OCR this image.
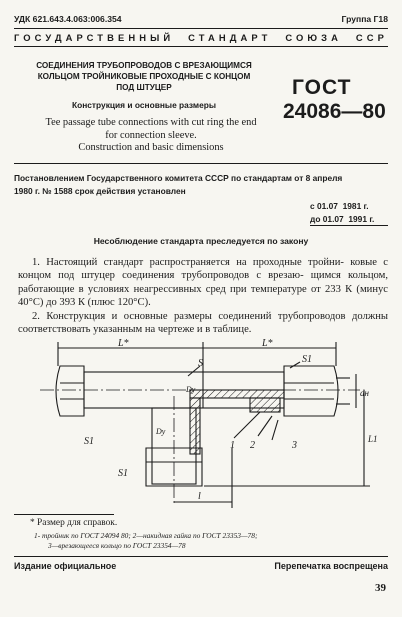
УДК 621.643.4.063:006.354	Группа Г18
ГОСУДАРСТВЕННЫЙ СТАНДАРТ СОЮЗА ССР
СОЕДИНЕНИЯ ТРУБОПРОВОДОВ С ВРЕЗАЮЩИМСЯ
КОЛЬЦОМ ТРОЙНИКОВЫЕ ПРОХОДНЫЕ С КОНЦОМ
ПОД ШТУЦЕР
Конструкция и основные размеры
Tee passage tube connections with cut ring the end
for connection sleeve.
Construction and basic dimensions
ГОСТ
24086—80
Постановлением Государственного комитета СССР по стандартам от 8 апреля
1980 г. № 1588 срок действия установлен
с 01.07  1981 г.
до 01.07  1991 г.
Несоблюдение стандарта преследуется по закону
1. Настоящий стандарт распространяется на проходные тройни- ковые с концом под штуцер соединения трубопроводов с врезаю- щимся кольцом, работающие в условиях неагрессивных сред при температуре от 233 К (минус 40°С) до 393 К (плюс 120°С).
2. Конструкция и основные размеры соединений трубопроводов должны соответствовать указанным на чертеже и в таблице.
L*	L*
S1
S
Dy
Dy
dн
1 2	3
L1
S1
S1
l
* Размер для справок.
1- тройник по ГОСТ 24094 80; 2—накидная гайка по ГОСТ 23353—78;
3—врезающееся кольцо по ГОСТ 23354—78
Издание официальное	Перепечатка воспрещена
39
